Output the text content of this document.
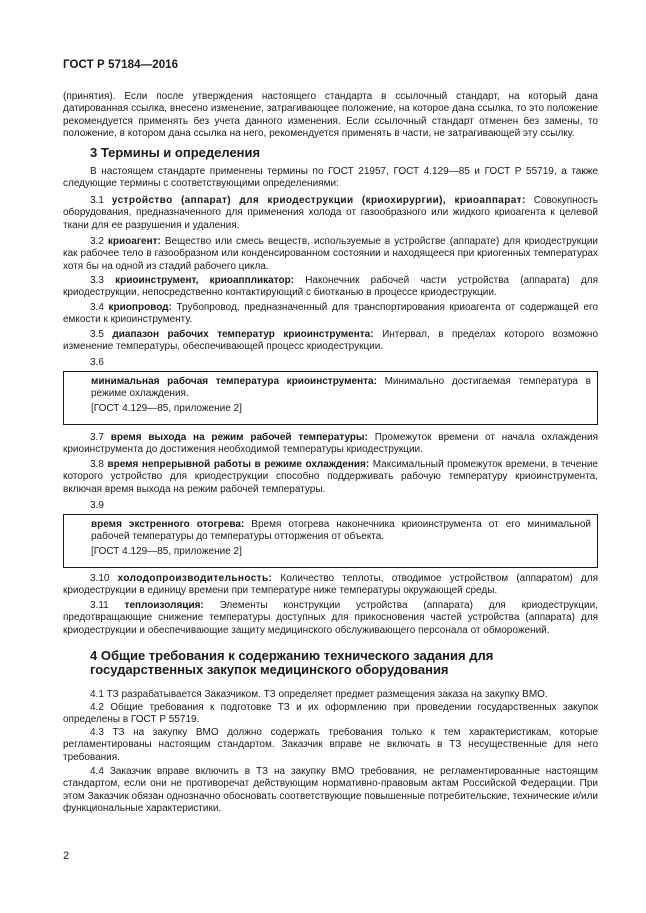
ГОСТ Р 57184—2016

(принятия). Если после утверждения настоящего стандарта в ссылочный стандарт, на который дана датированная ссылка, внесено изменение, затрагивающее положение, на которое дана ссылка, то это положение рекомендуется применять без учета данного изменения. Если ссылочный стандарт отменен без замены, то положение, в котором дана ссылка на него, рекомендуется применять в части, не затрагивающей эту ссылку.

3 Термины и определения

В настоящем стандарте применены термины по ГОСТ 21957, ГОСТ 4.129—85 и ГОСТ Р 55719, а также следующие термины с соответствующими определениями:

3.1 устройство (аппарат) для криодеструкции (криохирургии), криоаппарат: Совокупность оборудования, предназначенного для применения холода от газообразного или жидкого криоагента к целевой ткани для ее разрушения и удаления.

3.2 криоагент: Вещество или смесь веществ, используемые в устройстве (аппарате) для криодеструкции как рабочее тело в газообразном или конденсированном состоянии и находящееся при криогенных температурах хотя бы на одной из стадий рабочего цикла.

3.3 криоинструмент, криоаппликатор: Наконечник рабочей части устройства (аппарата) для криодеструкции, непосредственно контактирующий с биотканью в процессе криодеструкции.

3.4 криопровод: Трубопровод, предназначенный для транспортирования криоагента от содержащей его емкости к криоинструменту.

3.5 диапазон рабочих температур криоинструмента: Интервал, в пределах которого возможно изменение температуры, обеспечивающей процесс криодеструкции.

3.6

минимальная рабочая температура криоинструмента: Минимально достигаемая температура в режиме охлаждения.

[ГОСТ 4.129—85, приложение 2]

3.7 время выхода на режим рабочей температуры: Промежуток времени от начала охлаждения криоинструмента до достижения необходимой температуры криодеструкции.

3.8 время непрерывной работы в режиме охлаждения: Максимальный промежуток времени, в течение которого устройство для криодеструкции способно поддерживать рабочую температуру криоинструмента, включая время выхода на режим рабочей температуры.

3.9

время экстренного отогрева: Время отогрева наконечника криоинструмента от его минимальной рабочей температуры до температуры отторжения от объекта.

[ГОСТ 4.129—85, приложение 2]

3.10 холодопроизводительность: Количество теплоты, отводимое устройством (аппаратом) для криодеструкции в единицу времени при температуре ниже температуры окружающей среды.

3.11 теплоизоляция: Элементы конструкции устройства (аппарата) для криодеструкции, предотвращающие снижение температуры доступных для прикосновения частей устройства (аппарата) для криодеструкции и обеспечивающие защиту медицинского обслуживающего персонала от обморожений.

4 Общие требования к содержанию технического задания для государственных закупок медицинского оборудования

4.1 ТЗ разрабатывается Заказчиком. ТЗ определяет предмет размещения заказа на закупку ВМО.

4.2 Общие требования к подготовке ТЗ и их оформлению при проведении государственных закупок определены в ГОСТ Р 55719.

4.3 ТЗ на закупку ВМО должно содержать требования только к тем характеристикам, которые регламентированы настоящим стандартом. Заказчик вправе не включать в ТЗ несущественные для него требования.

4.4 Заказчик вправе включить в ТЗ на закупку ВМО требования, не регламентированные настоящим стандартом, если они не противоречат действующим нормативно-правовым актам Российской Федерации. При этом Заказчик обязан однозначно обосновать соответствующие повышенные потребительские, технические и/или функциональные характеристики.

2
